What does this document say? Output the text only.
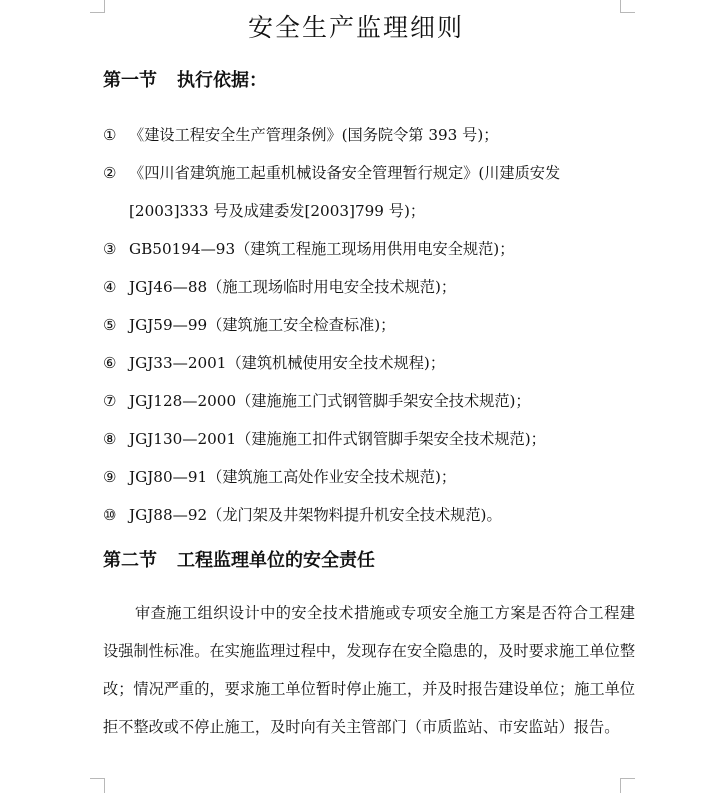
安全生产监理细则
第一节 执行依据：
① 《建设工程安全生产管理条例》(国务院令第 393 号)；
② 《四川省建筑施工起重机械设备安全管理暂行规定》(川建质安发
[2003]333 号及成建委发[2003]799 号)；
③ GB50194—93（建筑工程施工现场用供用电安全规范)；
④ JGJ46—88（施工现场临时用电安全技术规范)；
⑤ JGJ59—99（建筑施工安全检查标准)；
⑥ JGJ33—2001（建筑机械使用安全技术规程)；
⑦ JGJ128—2000（建施施工门式钢管脚手架安全技术规范)；
⑧ JGJ130—2001（建施施工扣件式钢管脚手架安全技术规范)；
⑨ JGJ80—91（建筑施工高处作业安全技术规范)；
⑩ JGJ88—92（龙门架及井架物料提升机安全技术规范)。
第二节 工程监理单位的安全责任

审查施工组织设计中的安全技术措施或专项安全施工方案是否符合工程建设强制性标准。在实施监理过程中，发现存在安全隐患的，及时要求施工单位整改；情况严重的，要求施工单位暂时停止施工，并及时报告建设单位；施工单位拒不整改或不停止施工，及时向有关主管部门（市质监站、市安监站）报告。
